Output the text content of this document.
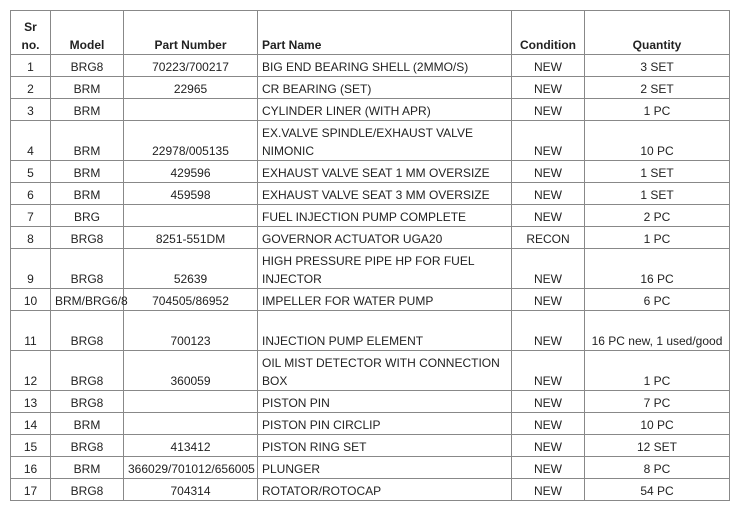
Sr no.	Model	Part Number	Part Name	Condition	Quantity
1	BRG8	70223/700217	BIG END BEARING SHELL (2MMO/S)	NEW	3 SET
2	BRM	22965	CR BEARING (SET)	NEW	2 SET
3	BRM		CYLINDER LINER (WITH APR)	NEW	1 PC
4	BRM	22978/005135	EX.VALVE SPINDLE/EXHAUST VALVE NIMONIC	NEW	10 PC
5	BRM	429596	EXHAUST VALVE SEAT 1 MM OVERSIZE	NEW	1 SET
6	BRM	459598	EXHAUST VALVE SEAT 3 MM OVERSIZE	NEW	1 SET
7	BRG		FUEL INJECTION PUMP COMPLETE	NEW	2 PC
8	BRG8	8251-551DM	GOVERNOR ACTUATOR UGA20	RECON	1 PC
9	BRG8	52639	HIGH PRESSURE PIPE HP FOR FUEL INJECTOR	NEW	16 PC
10	BRM/BRG6/8	704505/86952	IMPELLER FOR WATER PUMP	NEW	6 PC
11	BRG8	700123	INJECTION PUMP ELEMENT	NEW	16 PC new, 1 used/good
12	BRG8	360059	OIL MIST DETECTOR WITH CONNECTION BOX	NEW	1 PC
13	BRG8		PISTON PIN	NEW	7 PC
14	BRM		PISTON PIN CIRCLIP	NEW	10 PC
15	BRG8	413412	PISTON RING SET	NEW	12 SET
16	BRM	366029/701012/656005	PLUNGER	NEW	8 PC
17	BRG8	704314	ROTATOR/ROTOCAP	NEW	54 PC
